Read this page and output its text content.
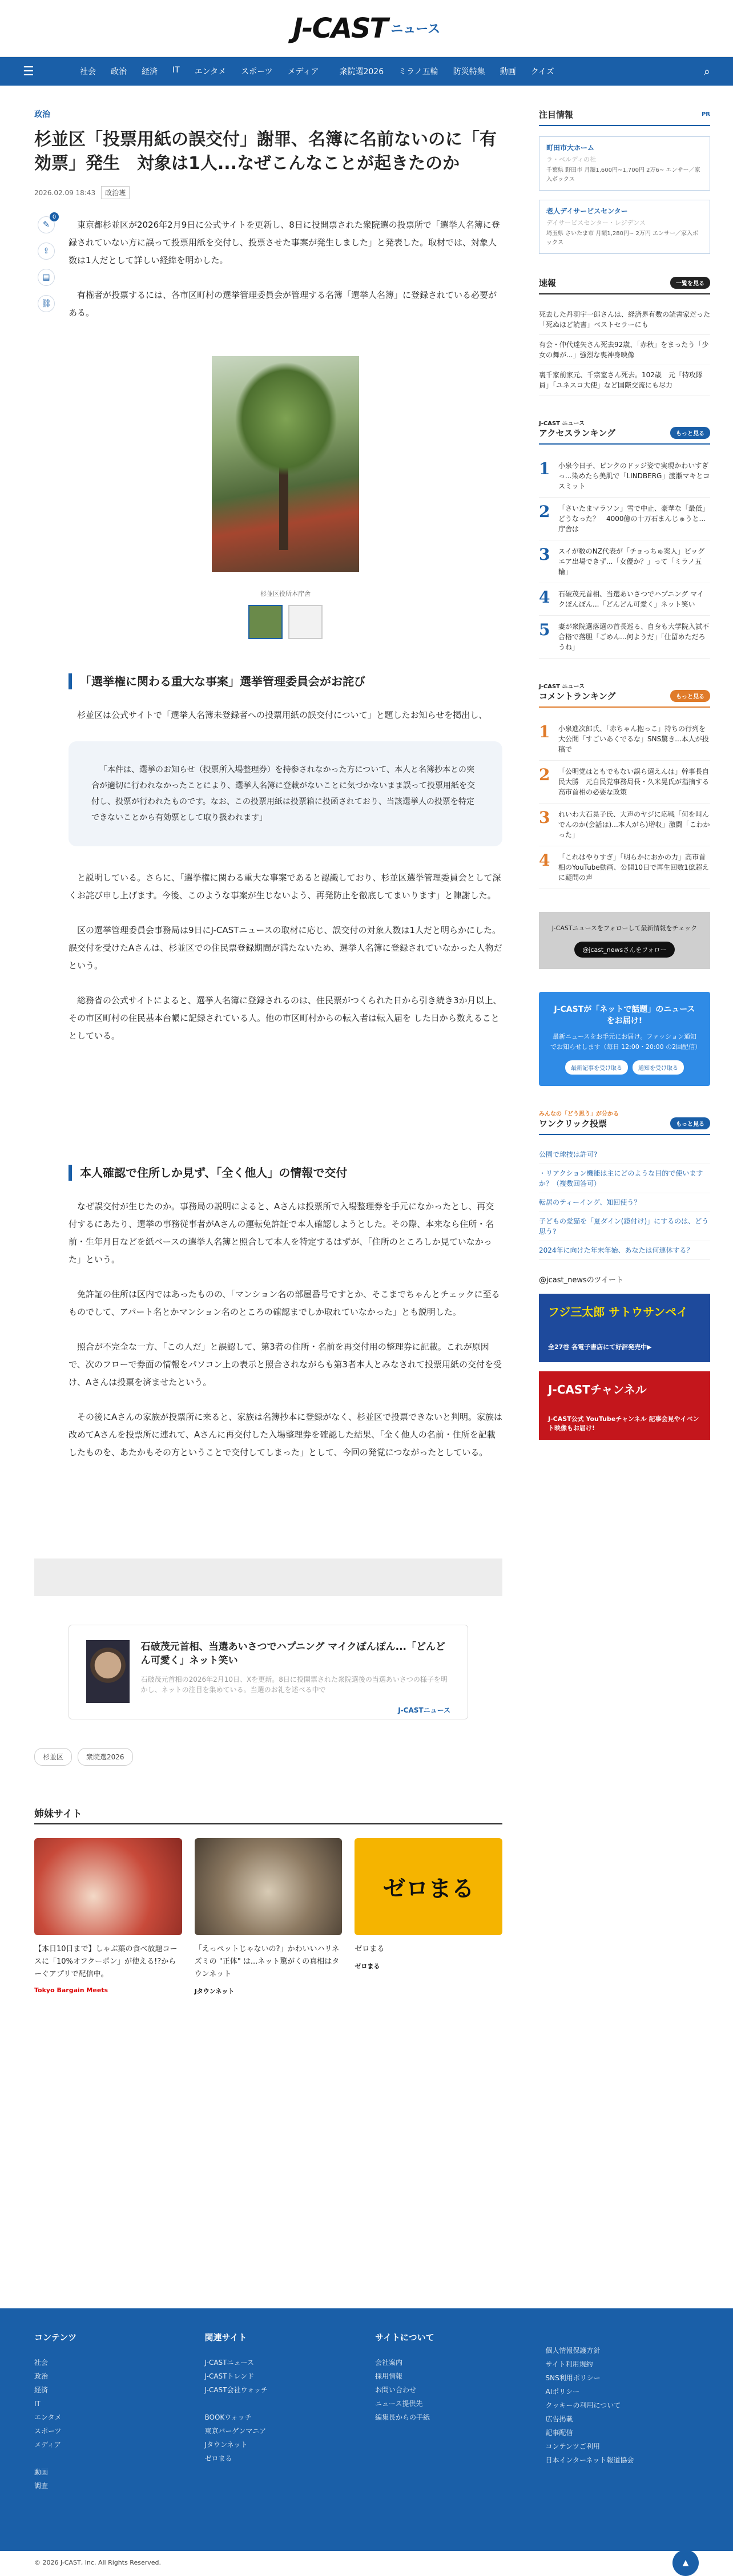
J-CAST ニュース
☰	社会 政治 経済 IT エンタメ スポーツ メディア	衆院選2026 ミラノ五輪 防災特集 動画 クイズ	⌕
政治
杉並区「投票用紙の誤交付」謝罪、名簿に名前ないのに「有効票」発生　対象は1人...なぜこんなことが起きたのか
2026.02.09 18:43	政治班
✎
0
⇪
▤
⛓

東京都杉並区が2026年2月9日に公式サイトを更新し、8日に投開票された衆院選の投票所で「選挙人名簿に登録されていない方に誤って投票用紙を交付し、投票させた事案が発生しました」と発表した。取材では、対象人数は1人だとして詳しい経緯を明かした。

有権者が投票するには、各市区町村の選挙管理委員会が管理する名簿「選挙人名簿」に登録されている必要がある。

杉並区役所本庁舎
「選挙権に関わる重大な事案」選挙管理委員会がお詫び

杉並区は公式サイトで「選挙人名簿未登録者への投票用紙の誤交付について」と題したお知らせを掲出し、

「本件は、選挙のお知らせ（投票所入場整理券）を持参されなかった方について、本人と名簿抄本との突合が適切に行われなかったことにより、選挙人名簿に登載がないことに気づかないまま誤って投票用紙を交付し、投票が行われたものです。なお、この投票用紙は投票箱に投函されており、当該選挙人の投票を特定できないことから有効票として取り扱われます」

と説明している。さらに、「選挙権に関わる重大な事案であると認識しており、杉並区選挙管理委員会として深くお詫び申し上げます。今後、このような事案が生じないよう、再発防止を徹底してまいります」と陳謝した。

区の選挙管理委員会事務局は9日にJ-CASTニュースの取材に応じ、誤交付の対象人数は1人だと明らかにした。誤交付を受けたAさんは、杉並区での住民票登録期間が満たないため、選挙人名簿に登録されていなかった人物だという。

総務省の公式サイトによると、選挙人名簿に登録されるのは、住民票がつくられた日から引き続き3か月以上、その市区町村の住民基本台帳に記録されている人。他の市区町村からの転入者は転入届を した日から数えることとしている。

本人確認で住所しか見ず、「全く他人」の情報で交付

なぜ誤交付が生じたのか。事務局の説明によると、Aさんは投票所で入場整理券を手元になかったとし、再交付するにあたり、選挙の事務従事者がAさんの運転免許証で本人確認しようとした。その際、本来なら住所・名前・生年月日などを紙ベースの選挙人名簿と照合して本人を特定するはずが、「住所のところしか見ていなかった」という。

免許証の住所は区内ではあったものの、「マンション名の部屋番号ですとか、そこまでちゃんとチェックに至るものでして、アパート名とかマンション名のところの確認までしか取れていなかった」とも説明した。

照合が不完全な一方、「この人だ」と誤認して、第3者の住所・名前を再交付用の整理券に記載。これが原因で、次のフローで券面の情報をパソコン上の表示と照合されながらも第3者本人とみなされて投票用紙の交付を受け、Aさんは投票を済ませたという。

その後にAさんの家族が投票所に来ると、家族は名簿抄本に登録がなく、杉並区で投票できないと判明。家族は改めてAさんを投票所に連れて、Aさんに再交付した入場整理券を確認した結果、「全く他人の名前・住所を記載したものを、あたかもその方ということで交付してしまった」として、今回の発覚につながったとしている。

石破茂元首相、当選あいさつでハプニング マイクぽんぽん...「どんどん可愛く」ネット笑い
石破茂元首相の2026年2月10日、Xを更新。8日に投開票された衆院選後の当選あいさつの様子を明かし、ネットの注目を集めている。当選のお礼を述べる中で
J-CASTニュース
杉並区	衆院選2026
姉妹サイト
【本日10日まで】しゃぶ葉の食べ放題コースに「10%オフクーポン」が使える!?からーぐアプリで配信中。
Tokyo Bargain Meets
「えっぺットじゃないの?」かわいいハリネズミの "正体" は...ネット驚がくの真相はタウンネット
Jタウンネット
ゼロまる
ゼロまる
ゼロまる
注目情報	PR
町田市大ホーム
ラ・ベルディの杜
千葉県 野田市 月額1,600円~1,700円 2万6~ エンサー／家入ボックス
老人デイサービスセンター
デイサービスセンター・レジデンス
埼玉県 さいたま市 月額1,280円~ 2万円 エンサー／家入ボックス
速報	一覧を見る
死去した丹羽宇一郎さんは、経済界有数の読書家だった「死ぬほど読書」ベストセラーにも
有会・仲代達矢さん死去92歳、「赤秋」をまったう「少女の舞が...」強烈な喪神身映像
裏千家前家元、千宗室さん死去。102歳　元「特攻隊員」「ユネスコ大使」など国際交流にも尽力
J-CAST ニュース
アクセスランキング	もっと見る
1	小泉今日子、ピンクのドッジ姿で実現かわいすぎっ...染めたら美肌で「LINDBERG」渡瀬マキとコスミット
2	「さいたまマラソン」雪で中止、豪華な「最低」どうなった？　4000億の十万石まんじゅうと...庁舎は
3	スイが数のNZ代表が「チョっちゅ案人」ビッグエア出場できず...「女優か？」って「ミラノ五輪」
4	石破茂元首相、当選あいさつでハプニング マイクぽんぽん...「どんどん可愛く」ネット笑い
5	妻が衆院選落選の首長巡る、自身も大学院入試不合格で落胆「ごめん...何ようだ」「仕留めただろうね」
J-CAST ニュース
コメントランキング	もっと見る
1	小泉進次郎氏、「赤ちゃん抱っこ」持ちの行列を大公開「すごいあくでるな」SNS驚き...本人が投稿で
2	「公明党はともでもない誤ら選えんは」幹事長自民大勝　元自民党事務局長・久米晃氏が指摘する高市首相の必要な政策
3	れいわ大石晃子氏、大声のヤジに応戦「何を叫んでんのか(会話は)...本人がら)増収」激闘「こわかった」
4	「これはやりすぎ」「明らかにおかの力」高市首相のYouTube動画、公開10日で再生回数1億超えに疑問の声
J-CASTニュースをフォローして最新情報をチェック
@jcast_newsさんをフォロー
J-CASTが「ネットで話題」のニュースをお届け!
最新ニュースをお手元にお届け。ファッション通知でお知らせします（毎日 12:00・20:00 の2回配信）
最新記事を受け取る	通知を受け取る
みんなの「どう思う」が分かる
ワンクリック投票	もっと見る
公園で球技は許可?
・リアクション機能は主にどのような目的で使いますか？（複数回答可）
転居のティーイング、知回使う？
子どもの愛猫を「夏ダイン(鏡付け)」にするのは、どう思う?
2024年に向けた年末年始、あなたは何連休する？
@jcast_newsのツイート
フジ三太郎 サトウサンペイ
全27巻 各電子書店にて好評発売中▶
J-CASTチャンネル
J-CAST公式 YouTubeチャンネル 記事会見やイベント映像もお届け!
コンテンツ
社会
政治
経済
IT
エンタメ
スポーツ
メディア
動画
調査
関連サイト
J-CASTニュース
J-CASTトレンド
J-CAST会社ウォッチ
BOOKウォッチ
東京バーゲンマニア
Jタウンネット
ゼロまる
サイトについて
会社案内
採用情報
お問い合わせ
ニュース提供先
編集長からの手紙
個人情報保護方針
サイト利用規約
SNS利用ポリシー
AIポリシー
クッキーの利用について
広告掲載
記事配信
コンテンツご利用
日本インターネット報道協会
© 2026 J-CAST, Inc. All Rights Reserved.	▲
